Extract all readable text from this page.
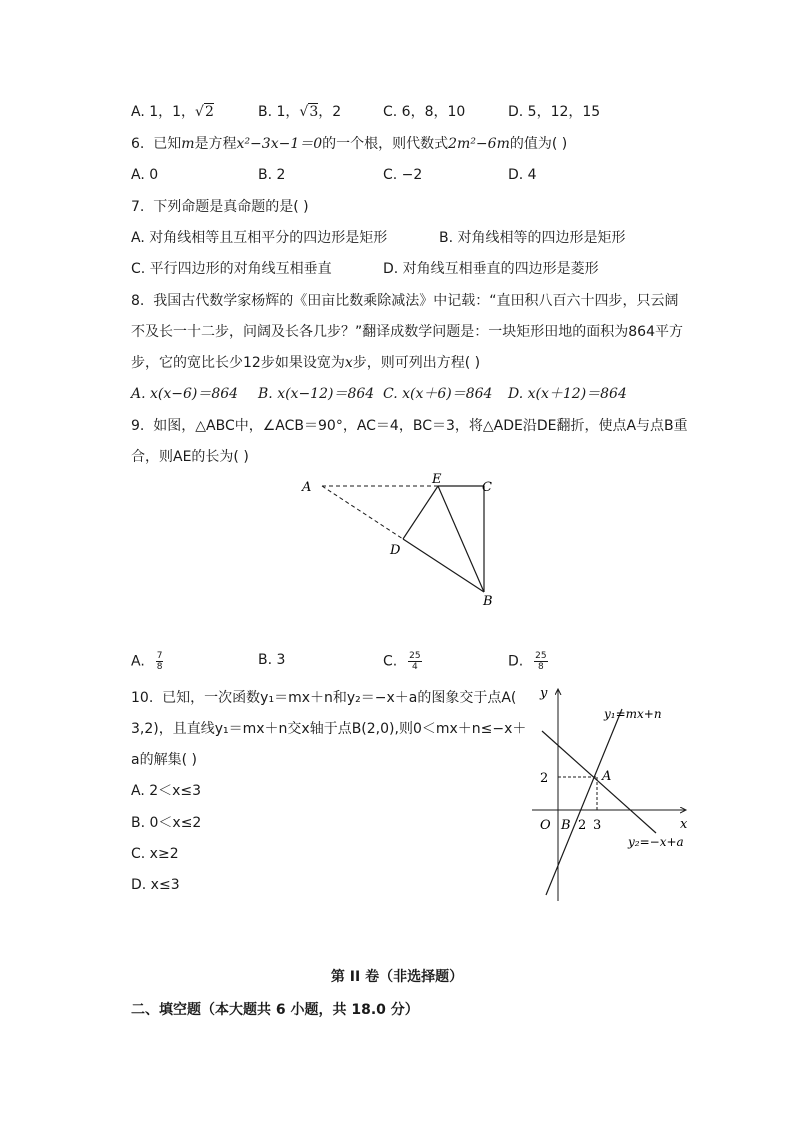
A. 1，1，√2	B. 1，√3，2	C. 6，8，10	D. 5，12，15
6. 已知m是方程x²−3x−1＝0的一个根，则代数式2m²−6m的值为( )
A. 0	B. 2	C. −2	D. 4
7. 下列命题是真命题的是( )
A. 对角线相等且互相平分的四边形是矩形	B. 对角线相等的四边形是矩形
C. 平行四边形的对角线互相垂直	D. 对角线互相垂直的四边形是菱形
8. 我国古代数学家杨辉的《田亩比数乘除减法》中记载：“直田积八百六十四步，只云阔
不及长一十二步，问阔及长各几步？”翻译成数学问题是：一块矩形田地的面积为864平方
步，它的宽比长少12步如果设宽为x步，则可列出方程( )
A. x(x−6)＝864 B. x(x−12)＝864 C. x(x＋6)＝864 D. x(x＋12)＝864
9. 如图，△ABC中，∠ACB＝90°，AC＝4，BC＝3，将△ADE沿DE翻折，使点A与点B重
合，则AE的长为( )
A
E
C
D
B
A. $\frac{7}{8}$	B. 3	C. $\frac{25}{4}$	D. $\frac{25}{8}$
10. 已知，一次函数y₁＝mx＋n和y₂＝−x＋a的图象交于点A(
3,2)，且直线y₁＝mx＋n交x轴于点B(2,0),则0＜mx＋n≤−x＋
a的解集( )
A. 2＜x≤3
B. 0＜x≤2
C. x≥2
D. x≤3
y
x
O B 2 3
2	A
y₁=mx+n
y₂=−x+a
第 II 卷（非选择题）
二、填空题（本大题共 6 小题，共 18.0 分）
